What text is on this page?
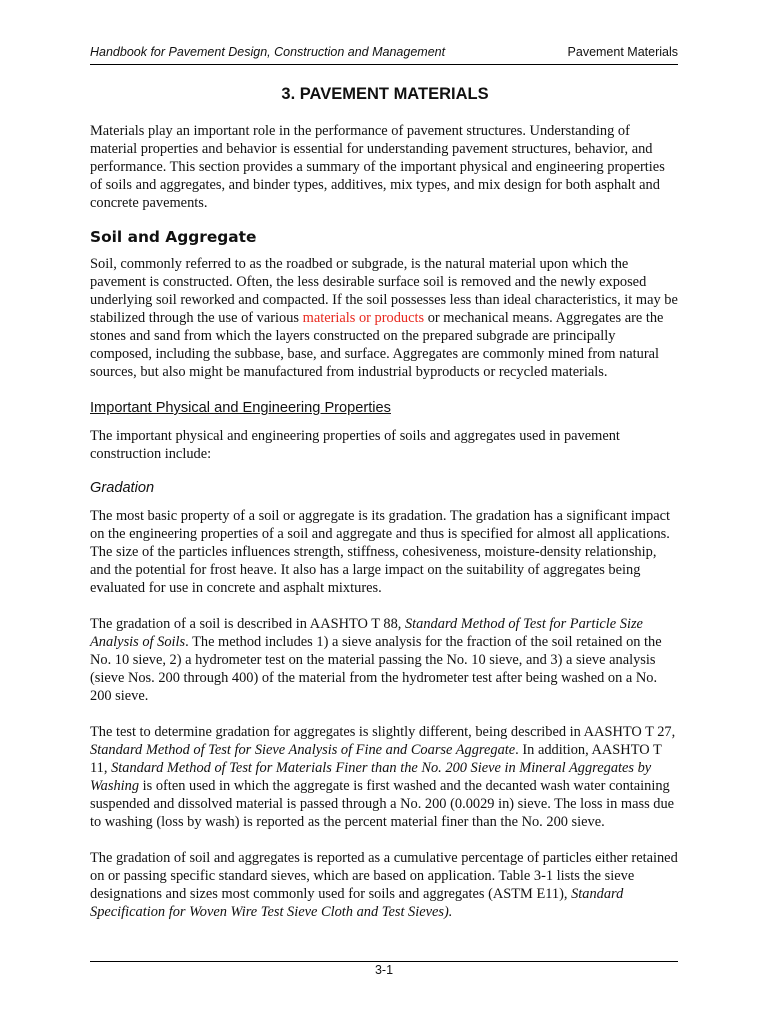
Handbook for Pavement Design, Construction and Management	Pavement Materials
3. PAVEMENT MATERIALS

Materials play an important role in the performance of pavement structures. Understanding of material properties and behavior is essential for understanding pavement structures, behavior, and performance. This section provides a summary of the important physical and engineering properties of soils and aggregates, and binder types, additives, mix types, and mix design for both asphalt and concrete pavements.

Soil and Aggregate

Soil, commonly referred to as the roadbed or subgrade, is the natural material upon which the pavement is constructed. Often, the less desirable surface soil is removed and the newly exposed underlying soil reworked and compacted. If the soil possesses less than ideal characteristics, it may be stabilized through the use of various materials or products or mechanical means. Aggregates are the stones and sand from which the layers constructed on the prepared subgrade are principally composed, including the subbase, base, and surface. Aggregates are commonly mined from natural sources, but also might be manufactured from industrial byproducts or recycled materials.

Important Physical and Engineering Properties

The important physical and engineering properties of soils and aggregates used in pavement construction include:

Gradation

The most basic property of a soil or aggregate is its gradation. The gradation has a significant impact on the engineering properties of a soil and aggregate and thus is specified for almost all applications. The size of the particles influences strength, stiffness, cohesiveness, moisture-density relationship, and the potential for frost heave. It also has a large impact on the suitability of aggregates being evaluated for use in concrete and asphalt mixtures.

The gradation of a soil is described in AASHTO T 88, Standard Method of Test for Particle Size Analysis of Soils. The method includes 1) a sieve analysis for the fraction of the soil retained on the No. 10 sieve, 2) a hydrometer test on the material passing the No. 10 sieve, and 3) a sieve analysis (sieve Nos. 200 through 400) of the material from the hydrometer test after being washed on a No. 200 sieve.

The test to determine gradation for aggregates is slightly different, being described in AASHTO T 27, Standard Method of Test for Sieve Analysis of Fine and Coarse Aggregate. In addition, AASHTO T 11, Standard Method of Test for Materials Finer than the No. 200 Sieve in Mineral Aggregates by Washing is often used in which the aggregate is first washed and the decanted wash water containing suspended and dissolved material is passed through a No. 200 (0.0029 in) sieve. The loss in mass due to washing (loss by wash) is reported as the percent material finer than the No. 200 sieve.

The gradation of soil and aggregates is reported as a cumulative percentage of particles either retained on or passing specific standard sieves, which are based on application. Table 3-1 lists the sieve designations and sizes most commonly used for soils and aggregates (ASTM E11), Standard Specification for Woven Wire Test Sieve Cloth and Test Sieves).

3-1
